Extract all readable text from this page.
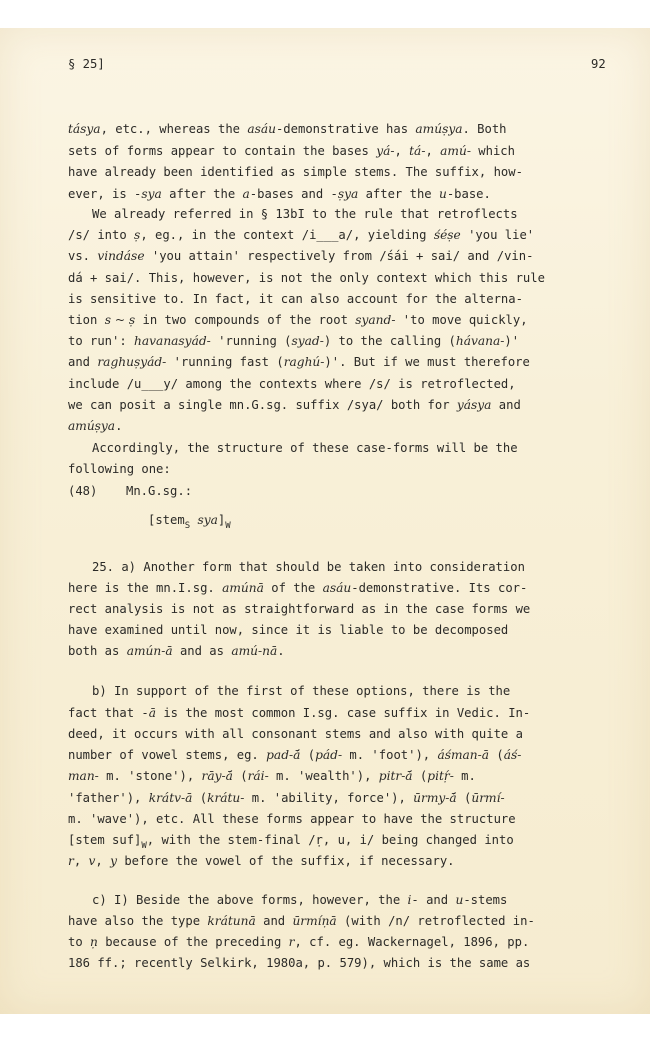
§ 25]	92
tásya, etc., whereas the asáu-demonstrative has amúṣya. Both
sets of forms appear to contain the bases yá-, tá-, amú- which
have already been identified as simple stems. The suffix, how-
ever, is -sya after the a-bases and -ṣya after the u-base.
We already referred in § 13bI to the rule that retroflects
/s/ into ṣ, eg., in the context /i___a/, yielding śéṣe 'you lie'
vs. vindáse 'you attain' respectively from /śái + sai/ and /vin-
dá + sai/. This, however, is not the only context which this rule
is sensitive to. In fact, it can also account for the alterna-
tion s ~ ṣ in two compounds of the root syand- 'to move quickly,
to run': havanasyád- 'running (syad-) to the calling (hávana-)'
and raghuṣyád- 'running fast (raghú-)'. But if we must therefore
include /u___y/ among the contexts where /s/ is retroflected,
we can posit a single mn.G.sg. suffix /sya/ both for yásya and
amúṣya.
Accordingly, the structure of these case-forms will be the
following one:
(48) Mn.G.sg.:
[stem$_S$ $sya]_W$
25. a) Another form that should be taken into consideration
here is the mn.I.sg. amúnā of the asáu-demonstrative. Its cor-
rect analysis is not as straightforward as in the case forms we
have examined until now, since it is liable to be decomposed
both as amún-ā and as amú-nā.
b) In support of the first of these options, there is the
fact that -ā is the most common I.sg. case suffix in Vedic. In-
deed, it occurs with all consonant stems and also with quite a
number of vowel stems, eg. pad-ā́ (pád- m. 'foot'), áśman-ā (áś-
man- m. 'stone'), rāy-ā́ (rái- m. 'wealth'), pitr-ā́ (pitṛ́- m.
'father'), krátv-ā (krátu- m. 'ability, force'), ūrmy-ā́ (ūrmí-
m. 'wave'), etc. All these forms appear to have the structure
[stem $suf]_W$, with the stem-final /ṛ, u, i/ being changed into
r, v, y before the vowel of the suffix, if necessary.
c) I) Beside the above forms, however, the i- and u-stems
have also the type krátunā and ūrmíṇā (with /n/ retroflected in-
to ṇ because of the preceding r, cf. eg. Wackernagel, 1896, pp.
186 ff.; recently Selkirk, 1980a, p. 579), which is the same as
